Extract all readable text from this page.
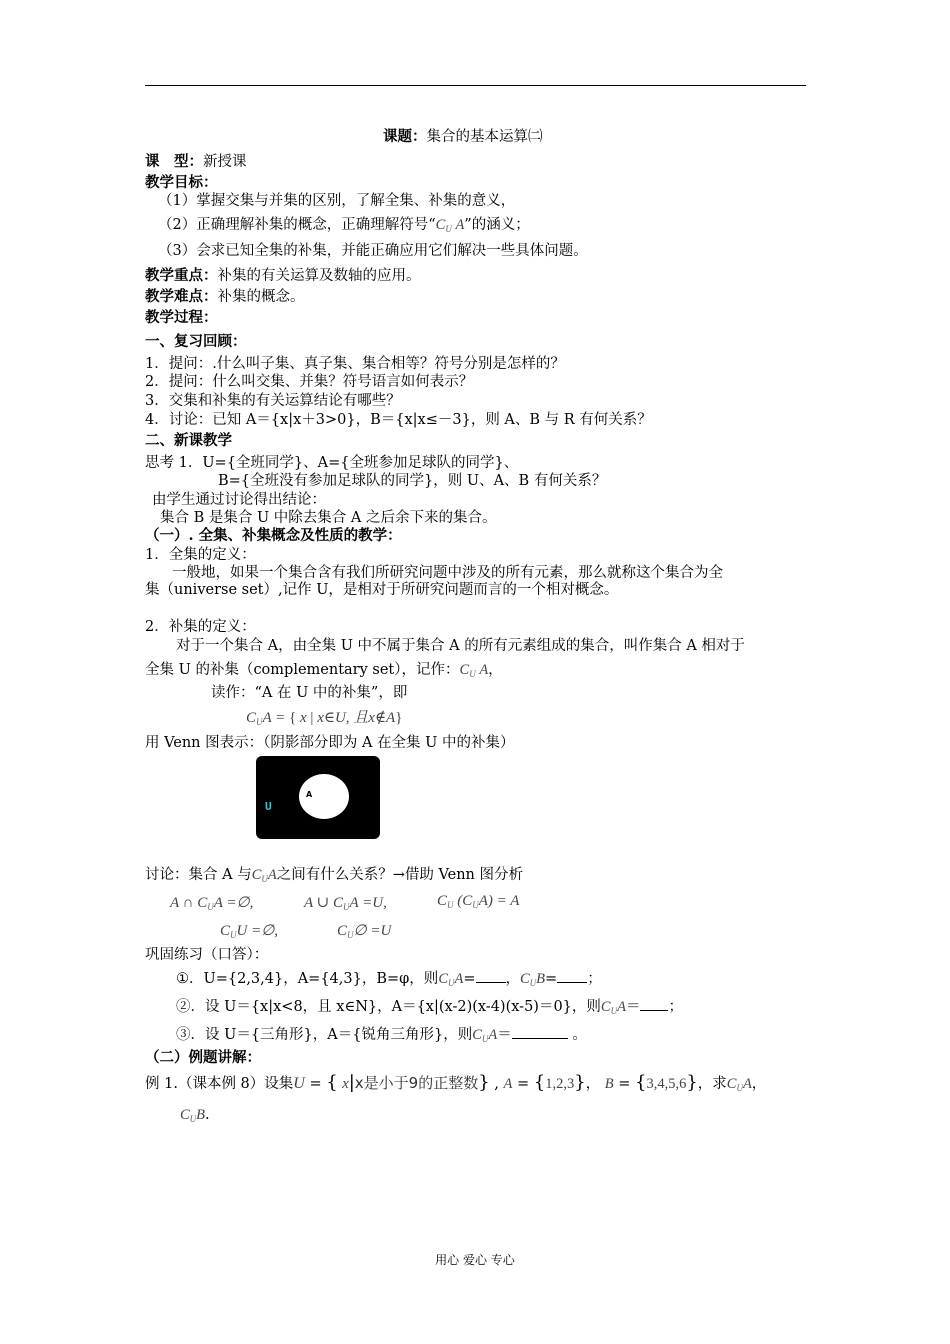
课题：集合的基本运算㈡
课　型：新授课
教学目标：
（1）掌握交集与并集的区别，了解全集、补集的意义，
（2）正确理解补集的概念，正确理解符号“$C_U$ A”的涵义；
（3）会求已知全集的补集，并能正确应用它们解决一些具体问题。
教学重点：补集的有关运算及数轴的应用。
教学难点：补集的概念。
教学过程：
一、复习回顾：
1．提问：.什么叫子集、真子集、集合相等？符号分别是怎样的？
2．提问：什么叫交集、并集？符号语言如何表示？
3．交集和补集的有关运算结论有哪些？
4．讨论：已知 A＝{x|x＋3>0}，B＝{x|x≤－3}，则 A、B 与 R 有何关系？
二、新课教学
思考 1．U={全班同学}、A={全班参加足球队的同学}、
B={全班没有参加足球队的同学}，则 U、A、B 有何关系？
由学生通过讨论得出结论：
集合 B 是集合 U 中除去集合 A 之后余下来的集合。
（一）. 全集、补集概念及性质的教学：
1．全集的定义：
一般地，如果一个集合含有我们所研究问题中涉及的所有元素，那么就称这个集合为全
集（universe set）,记作 U，是相对于所研究问题而言的一个相对概念。
2．补集的定义：
对于一个集合 A，由全集 U 中不属于集合 A 的所有元素组成的集合，叫作集合 A 相对于
全集 U 的补集（complementary set），记作：$C_U$ A，
读作：“A 在 U 中的补集”，即
$C_UA$ = { x | x∈U, 且x∉A}
用 Venn 图表示：（阴影部分即为 A 在全集 U 中的补集）
U
A
讨论：集合 A 与$C_UA$之间有什么关系？→借助 Venn 图分析
A ∩ $C_UA$ =∅,	A ∪ $C_UA =U$,	$C_U$ $(C_UA) = A$
$C_UU$ =∅,	$C_U\emptyset =U$
巩固练习（口答）：
①．U={2,3,4}，A={4,3}，B=φ，则$C_UA=$ ，$C_UB=$ ；
②．设 U＝{x|x<8，且 x∈N}，A＝{x|(x-2)(x-4)(x-5)＝0}，则$C_UA=$ ；
③．设 U＝{三角形}，A＝{锐角三角形}，则$C_UA=$	。
（二）例题讲解：
例 1.（课本例 8）设集U = { x|x是小于9的正整数} , A = {1,2,3}， B = {3,4,5,6}，求$C_UA$，
$C_UB$.
用心 爱心 专心
